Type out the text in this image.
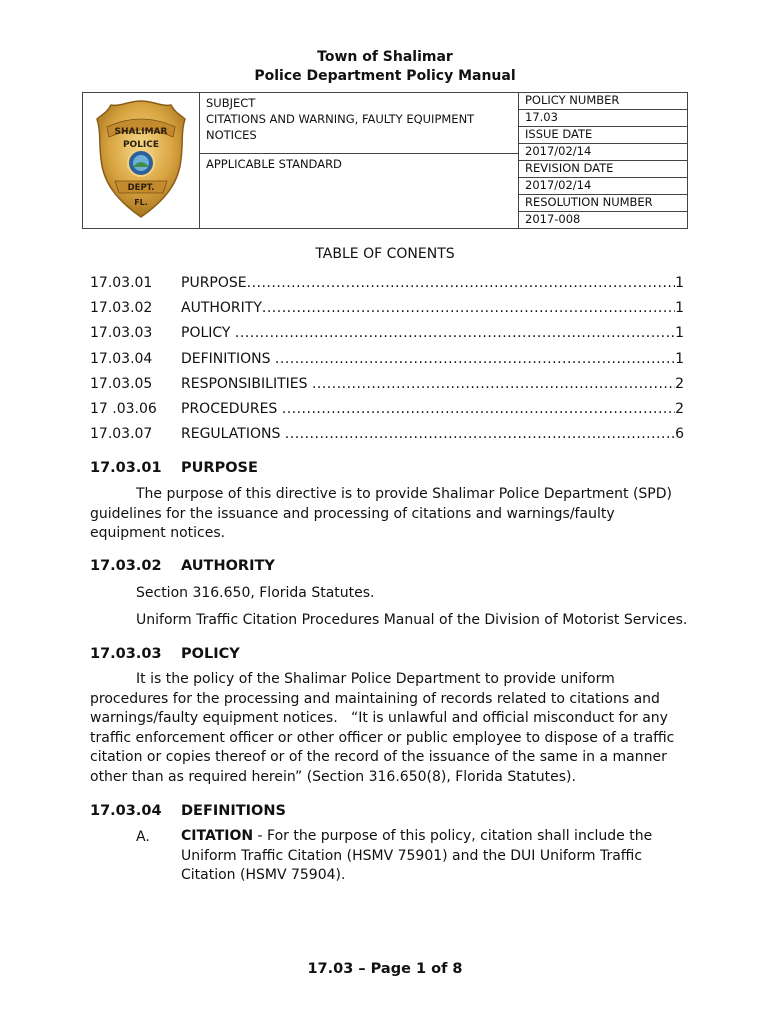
Town of Shalimar
Police Department Policy Manual
SHALIMAR
POLICE
DEPT.
FL.

SUBJECT
CITATIONS AND WARNING, FAULTY EQUIPMENT
NOTICES
APPLICABLE STANDARD

POLICY NUMBER
17.03
ISSUE DATE
2017/02/14
REVISION DATE
2017/02/14
RESOLUTION NUMBER
2017-008

TABLE OF CONENTS
17.03.01 PURPOSE .....	1
17.03.02 AUTHORITY .....	1
17.03.03 POLICY .....	1
17.03.04 DEFINITIONS .....	1
17.03.05 RESPONSIBILITIES .....	2
17 .03.06 PROCEDURES .....	2
17.03.07 REGULATIONS .....	6
17.03.01 PURPOSE
The purpose of this directive is to provide Shalimar Police Department (SPD) guidelines for the issuance and processing of citations and warnings/faulty equipment notices.
17.03.02 AUTHORITY
Section 316.650, Florida Statutes.
Uniform Traffic Citation Procedures Manual of the Division of Motorist Services.
17.03.03 POLICY
It is the policy of the Shalimar Police Department to provide uniform procedures for the processing and maintaining of records related to citations and warnings/faulty equipment notices.   “It is unlawful and official misconduct for any traffic enforcement officer or other officer or public employee to dispose of a traffic citation or copies thereof or of the record of the issuance of the same in a manner other than as required herein” (Section 316.650(8), Florida Statutes).
17.03.04 DEFINITIONS
A. CITATION - For the purpose of this policy, citation shall include the Uniform Traffic Citation (HSMV 75901) and the DUI Uniform Traffic Citation (HSMV 75904).
17.03 – Page 1 of 8
